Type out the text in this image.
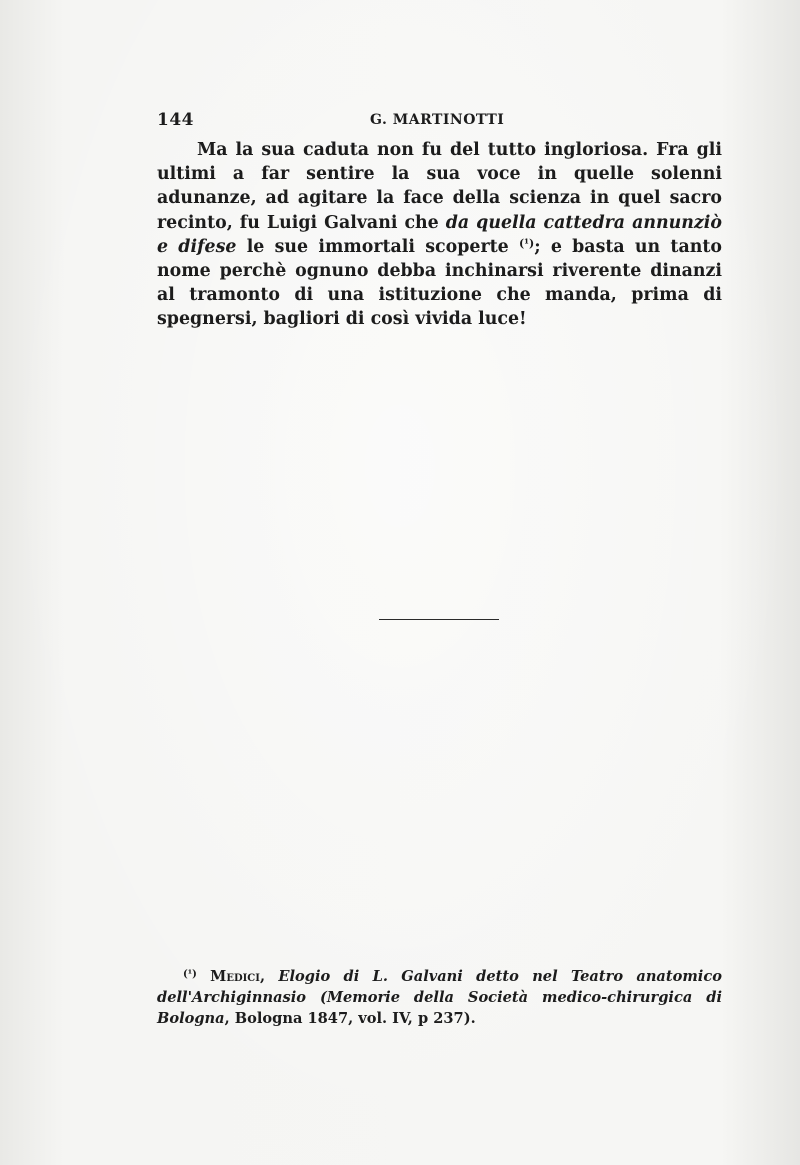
144	G. MARTINOTTI

Ma la sua caduta non fu del tutto ingloriosa. Fra gli ultimi a far sentire la sua voce in quelle solenni adunanze, ad agitare la face della scienza in quel sacro recinto, fu Luigi Galvani che da quella cattedra annunziò e difese le sue immortali scoperte $^{(^1)}$; e basta un tanto nome perchè ognuno debba inchinarsi riverente dinanzi al tramonto di una istituzione che manda, prima di spegnersi, bagliori di così vivida luce!

$^{(^1)}$ Medici, Elogio di L. Galvani detto nel Teatro anatomico dell'Archiginnasio (Memorie della Società medico-chirurgica di Bologna, Bologna 1847, vol. IV, p 237).
